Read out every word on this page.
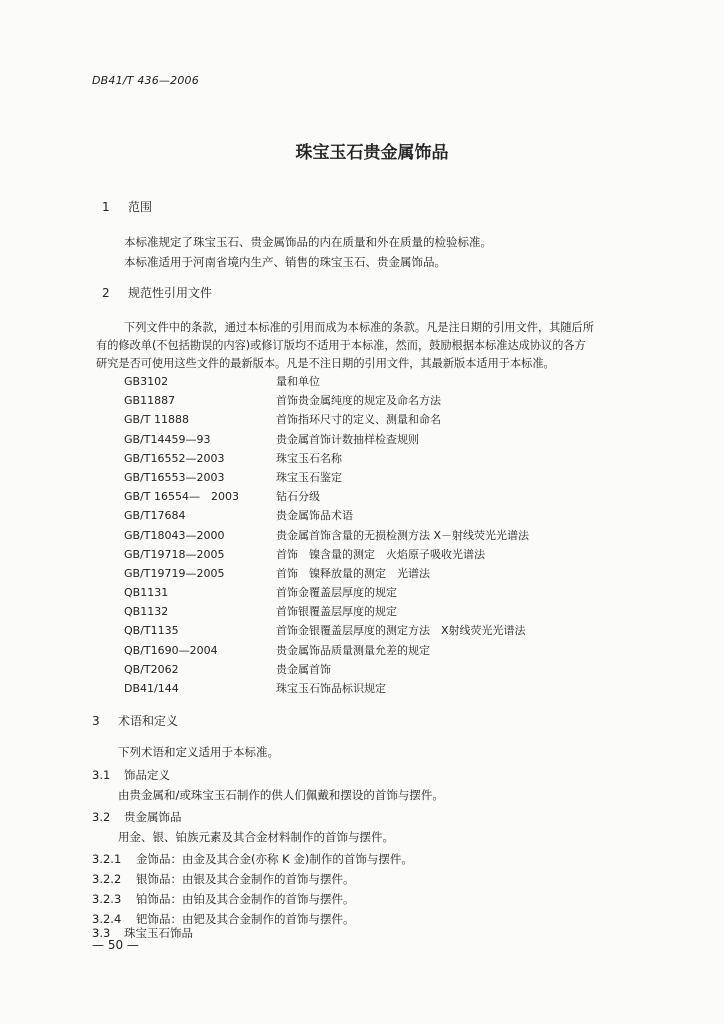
DB41/T 436—2006
珠宝玉石贵金属饰品
1 范围
本标准规定了珠宝玉石、贵金属饰品的内在质量和外在质量的检验标准。
本标准适用于河南省境内生产、销售的珠宝玉石、贵金属饰品。
2 规范性引用文件
下列文件中的条款，通过本标准的引用而成为本标准的条款。凡是注日期的引用文件，其随后所
有的修改单(不包括勘误的内容)或修订版均不适用于本标准，然而，鼓励根据本标准达成协议的各方
研究是否可使用这些文件的最新版本。凡是不注日期的引用文件，其最新版本适用于本标准。
GB3102	量和单位
GB11887	首饰贵金属纯度的规定及命名方法
GB/T 11888	首饰指环尺寸的定义、测量和命名
GB/T14459—93	贵金属首饰计数抽样检查规则
GB/T16552—2003	珠宝玉石名称
GB/T16553—2003	珠宝玉石鉴定
GB/T 16554—　2003	钻石分级
GB/T17684	贵金属饰品术语
GB/T18043—2000	贵金属首饰含量的无损检测方法 X－射线荧光光谱法
GB/T19718—2005	首饰　镍含量的测定　火焰原子吸收光谱法
GB/T19719—2005	首饰　镍释放量的测定　光谱法
QB1131	首饰金覆盖层厚度的规定
QB1132	首饰银覆盖层厚度的规定
QB/T1135	首饰金银覆盖层厚度的测定方法　X射线荧光光谱法
QB/T1690—2004	贵金属饰品质量测量允差的规定
QB/T2062	贵金属首饰
DB41/144	珠宝玉石饰品标识规定
3 术语和定义
下列术语和定义适用于本标准。
3.1 饰品定义
由贵金属和/或珠宝玉石制作的供人们佩戴和摆设的首饰与摆件。
3.2 贵金属饰品
用金、银、铂族元素及其合金材料制作的首饰与摆件。
3.2.1 金饰品：由金及其合金(亦称 K 金)制作的首饰与摆件。
3.2.2 银饰品：由银及其合金制作的首饰与摆件。
3.2.3 铂饰品：由铂及其合金制作的首饰与摆件。
3.2.4 钯饰品：由钯及其合金制作的首饰与摆件。
3.3 珠宝玉石饰品
— 50 —
